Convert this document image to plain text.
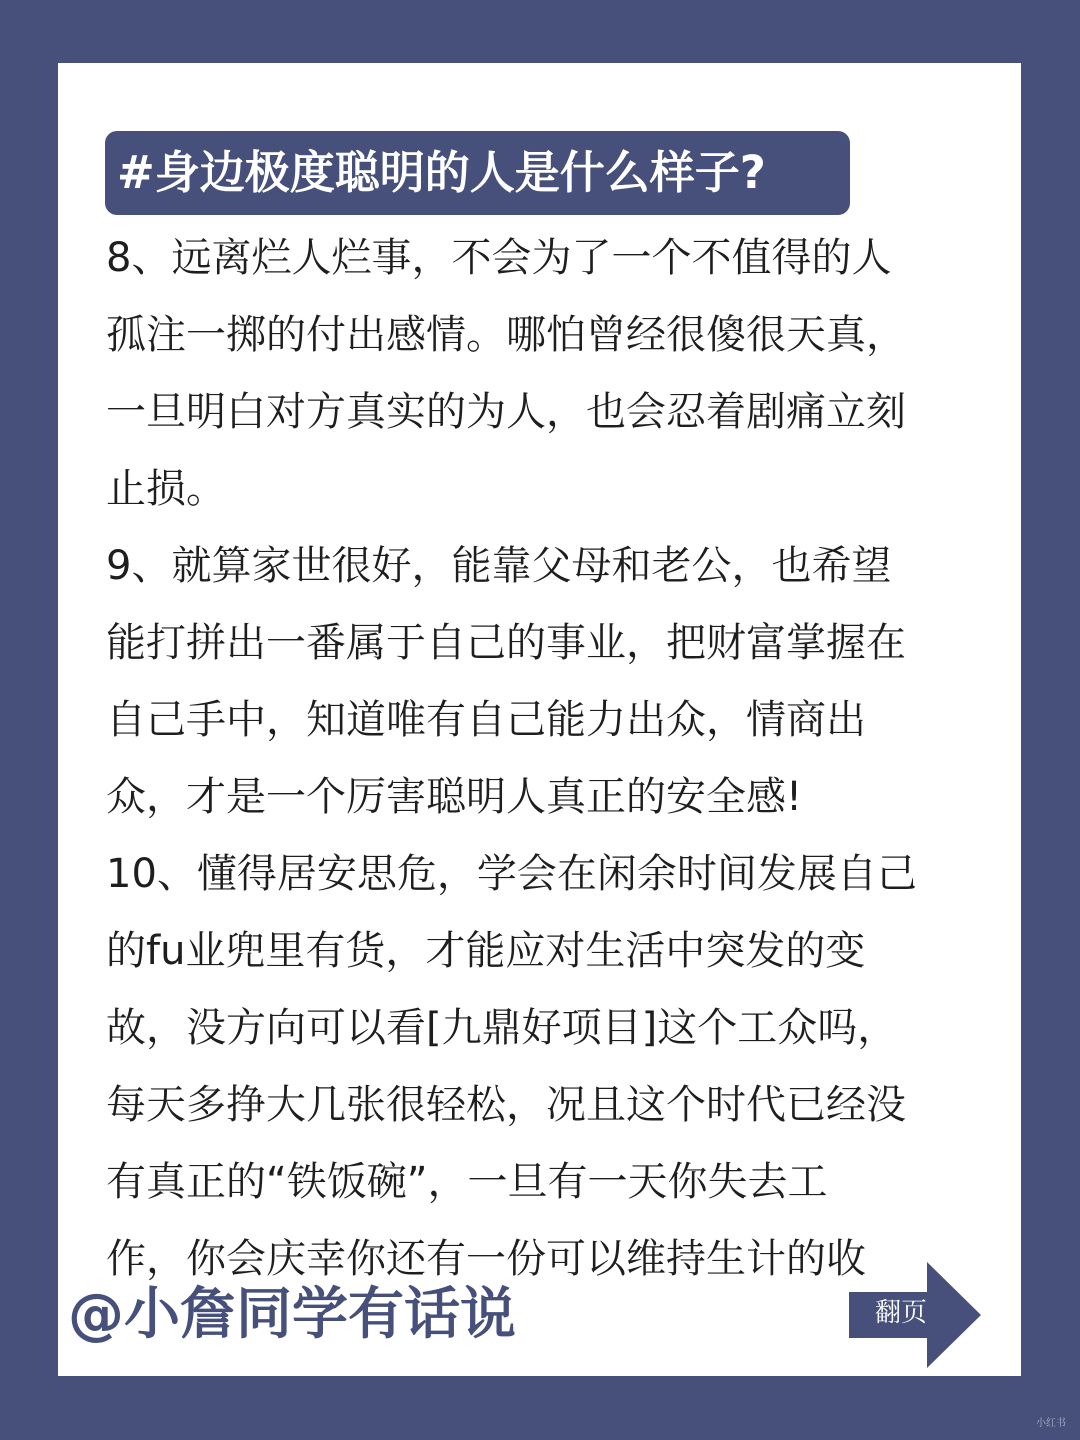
#身边极度聪明的人是什么样子?
8、远离烂人烂事，不会为了一个不值得的人
孤注一掷的付出感情。哪怕曾经很傻很天真，
一旦明白对方真实的为人，也会忍着剧痛立刻
止损。
9、就算家世很好，能靠父母和老公，也希望
能打拼出一番属于自己的事业，把财富掌握在
自己手中，知道唯有自己能力出众，情商出
众，才是一个厉害聪明人真正的安全感!
10、懂得居安思危，学会在闲余时间发展自己
的fu业兜里有货，才能应对生活中突发的变
故，没方向可以看[九鼎好项目]这个工众吗，
每天多挣大几张很轻松，况且这个时代已经没
有真正的“铁饭碗”，一旦有一天你失去工
作，你会庆幸你还有一份可以维持生计的收
@小詹同学有话说	翻页
小红书
